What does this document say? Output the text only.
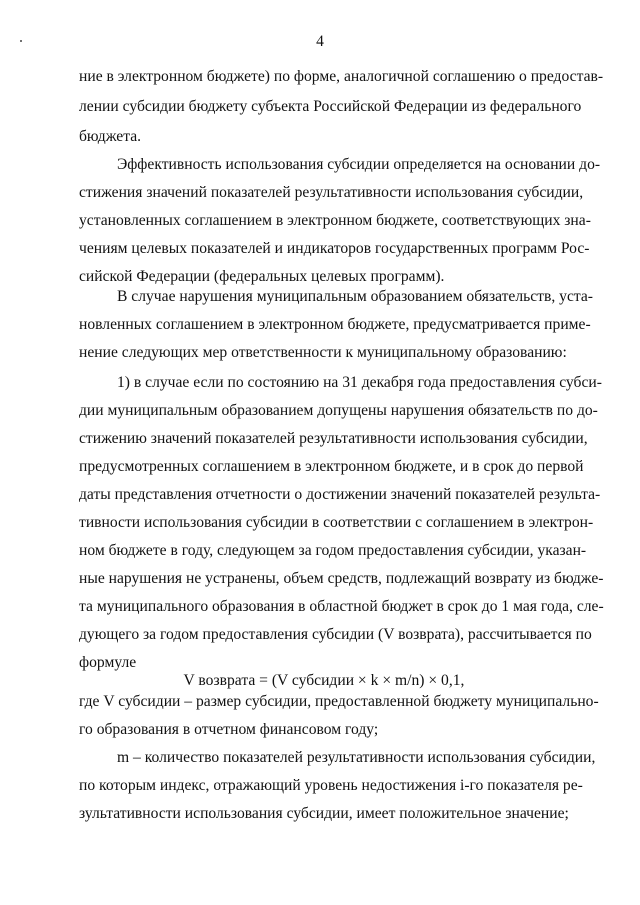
4
ние в электронном бюджете) по форме, аналогичной соглашению о предостав-
лении субсидии бюджету субъекта Российской Федерации из федерального
бюджета.
Эффективность использования субсидии определяется на основании до-
стижения значений показателей результативности использования субсидии,
установленных соглашением в электронном бюджете, соответствующих зна-
чениям целевых показателей и индикаторов государственных программ Рос-
сийской Федерации (федеральных целевых программ).
В случае нарушения муниципальным образованием обязательств, уста-
новленных соглашением в электронном бюджете, предусматривается приме-
нение следующих мер ответственности к муниципальному образованию:
1) в случае если по состоянию на 31 декабря года предоставления субси-
дии муниципальным образованием допущены нарушения обязательств по до-
стижению значений показателей результативности использования субсидии,
предусмотренных соглашением в электронном бюджете, и в срок до первой
даты представления отчетности о достижении значений показателей результа-
тивности использования субсидии в соответствии с соглашением в электрон-
ном бюджете в году, следующем за годом предоставления субсидии, указан-
ные нарушения не устранены, объем средств, подлежащий возврату из бюдже-
та муниципального образования в областной бюджет в срок до 1 мая года, сле-
дующего за годом предоставления субсидии (V возврата), рассчитывается по
формуле
V возврата = (V субсидии × k × m/n) × 0,1,
где V субсидии – размер субсидии, предоставленной бюджету муниципально-
го образования в отчетном финансовом году;
m – количество показателей результативности использования субсидии,
по которым индекс, отражающий уровень недостижения i-го показателя ре-
зультативности использования субсидии, имеет положительное значение;
